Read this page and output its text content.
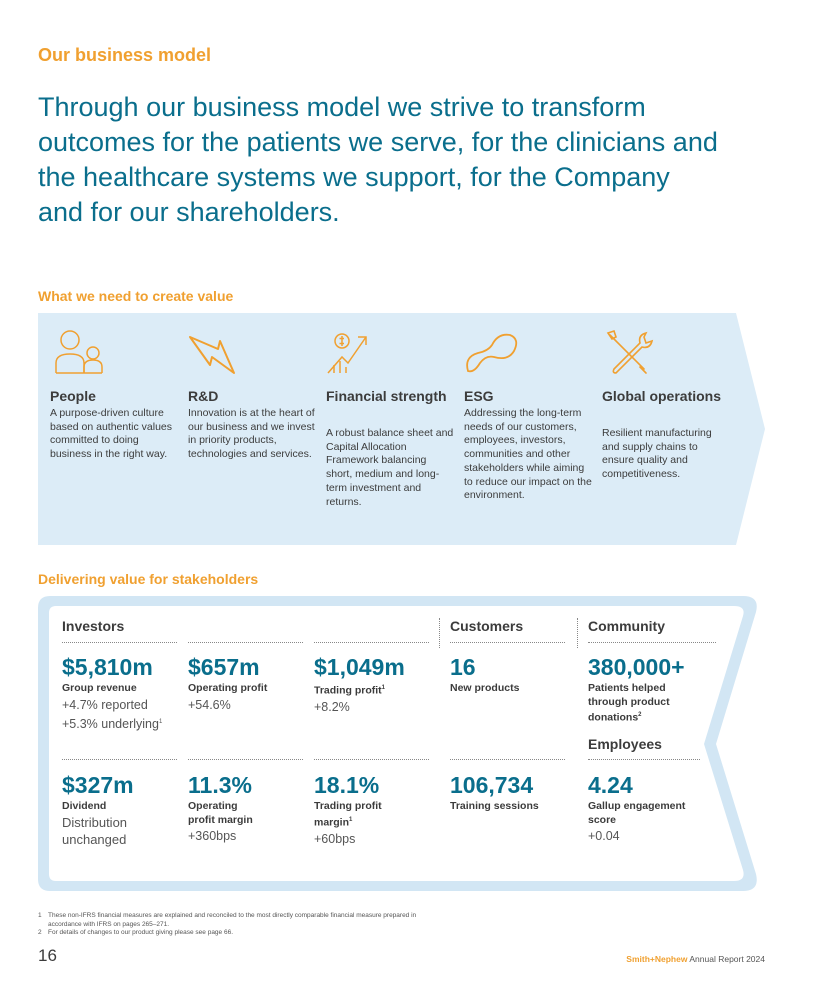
Our business model
Through our business model we strive to transform outcomes for the patients we serve, for the clinicians and the healthcare systems we support, for the Company and for our shareholders.
What we need to create value
People
A purpose-driven culture based on authentic values committed to doing business in the right way.
R&D
Innovation is at the heart of our business and we invest in priority products, technologies and services.
Financial strength
A robust balance sheet and Capital Allocation Framework balancing short, medium and long-term investment and returns.
ESG
Addressing the long-term needs of our customers, employees, investors, communities and other stakeholders while aiming to reduce our impact on the environment.
Global operations
Resilient manufacturing and supply chains to ensure quality and competitiveness.
Delivering value for stakeholders
Investors	Customers	Community
$5,810m
Group revenue
+4.7% reported
+5.3% underlying$^1$
$657m
Operating profit
+54.6%
$1,049m
Trading profit$^1$
+8.2%
$327m
Dividend
Distribution
unchanged
11.3%
Operating
profit margin
+360bps
18.1%
Trading profit
margin$^1$
+60bps
16
New products
106,734
Training sessions
380,000+
Patients helped
through product
donations$^2$
Employees
4.24
Gallup engagement
score
+0.04
1 These non-IFRS financial measures are explained and reconciled to the most directly comparable financial measure prepared in accordance with IFRS on pages 265–271.
2 For details of changes to our product giving please see page 66.
16	Smith+Nephew Annual Report 2024
